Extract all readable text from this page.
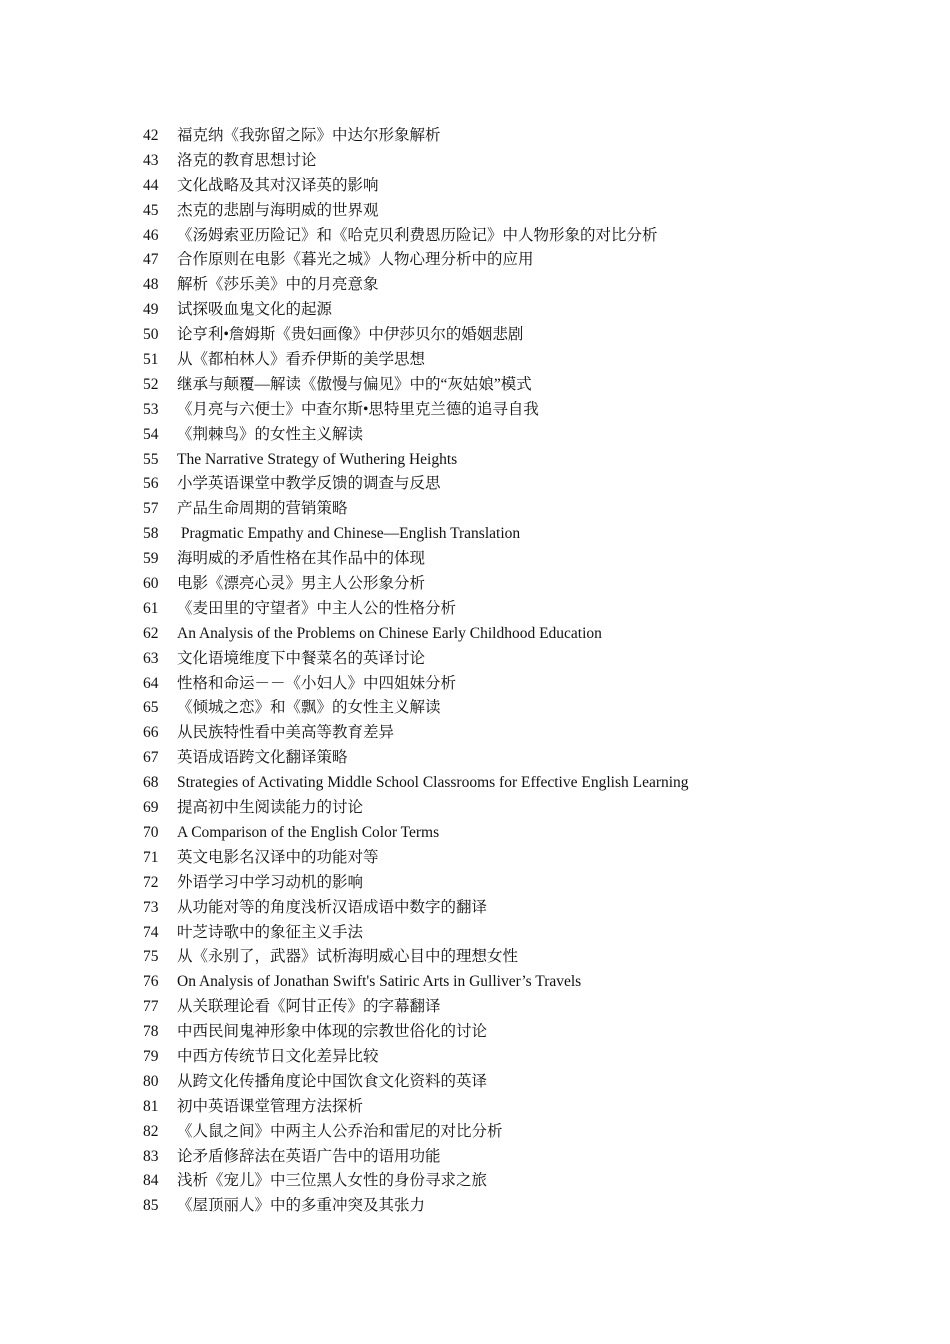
42	福克纳《我弥留之际》中达尔形象解析
43	洛克的教育思想讨论
44	文化战略及其对汉译英的影响
45	杰克的悲剧与海明威的世界观
46	《汤姆索亚历险记》和《哈克贝利费恩历险记》中人物形象的对比分析
47	合作原则在电影《暮光之城》人物心理分析中的应用
48	解析《莎乐美》中的月亮意象
49	试探吸血鬼文化的起源
50	论亨利•詹姆斯《贵妇画像》中伊莎贝尔的婚姻悲剧
51	从《都柏林人》看乔伊斯的美学思想
52	继承与颠覆—解读《傲慢与偏见》中的“灰姑娘”模式
53	《月亮与六便士》中查尔斯•思特里克兰德的追寻自我
54	《荆棘鸟》的女性主义解读
55	The Narrative Strategy of Wuthering Heights
56	小学英语课堂中教学反馈的调查与反思
57	产品生命周期的营销策略
58	Pragmatic Empathy and Chinese—English Translation
59	海明威的矛盾性格在其作品中的体现
60	电影《漂亮心灵》男主人公形象分析
61	《麦田里的守望者》中主人公的性格分析
62	An Analysis of the Problems on Chinese Early Childhood Education
63	文化语境维度下中餐菜名的英译讨论
64	性格和命运－－《小妇人》中四姐妹分析
65	《倾城之恋》和《飘》的女性主义解读
66	从民族特性看中美高等教育差异
67	英语成语跨文化翻译策略
68	Strategies of Activating Middle School Classrooms for Effective English Learning
69	提高初中生阅读能力的讨论
70	A Comparison of the English Color Terms
71	英文电影名汉译中的功能对等
72	外语学习中学习动机的影响
73	从功能对等的角度浅析汉语成语中数字的翻译
74	叶芝诗歌中的象征主义手法
75	从《永别了，武器》试析海明威心目中的理想女性
76	On Analysis of Jonathan Swift's Satiric Arts in Gulliver’s Travels
77	从关联理论看《阿甘正传》的字幕翻译
78	中西民间鬼神形象中体现的宗教世俗化的讨论
79	中西方传统节日文化差异比较
80	从跨文化传播角度论中国饮食文化资料的英译
81	初中英语课堂管理方法探析
82	《人鼠之间》中两主人公乔治和雷尼的对比分析
83	论矛盾修辞法在英语广告中的语用功能
84	浅析《宠儿》中三位黑人女性的身份寻求之旅
85	《屋顶丽人》中的多重冲突及其张力
